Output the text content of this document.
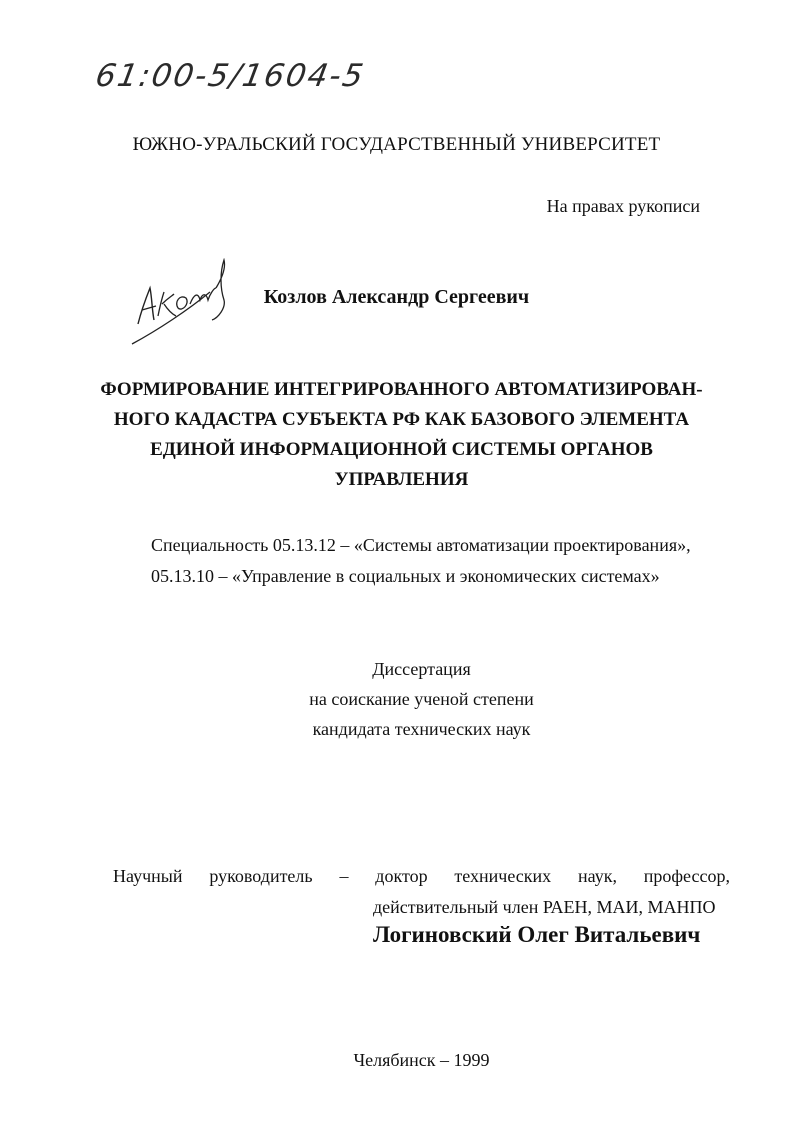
61:00-5/1604-5
ЮЖНО-УРАЛЬСКИЙ ГОСУДАРСТВЕННЫЙ УНИВЕРСИТЕТ
На правах рукописи
Козлов Александр Сергеевич
ФОРМИРОВАНИЕ ИНТЕГРИРОВАННОГО АВТОМАТИЗИРОВАН-
НОГО КАДАСТРА СУБЪЕКТА РФ КАК БАЗОВОГО ЭЛЕМЕНТА
ЕДИНОЙ ИНФОРМАЦИОННОЙ СИСТЕМЫ ОРГАНОВ
УПРАВЛЕНИЯ
Специальность 05.13.12 – «Системы автоматизации проектирования»,
05.13.10 – «Управление в социальных и экономических системах»
Диссертация
на соискание ученой степени
кандидата технических наук
Научный руководитель – доктор технических наук, профессор,
действительный член РАЕН, МАИ, МАНПО
Логиновский Олег Витальевич
Челябинск – 1999
